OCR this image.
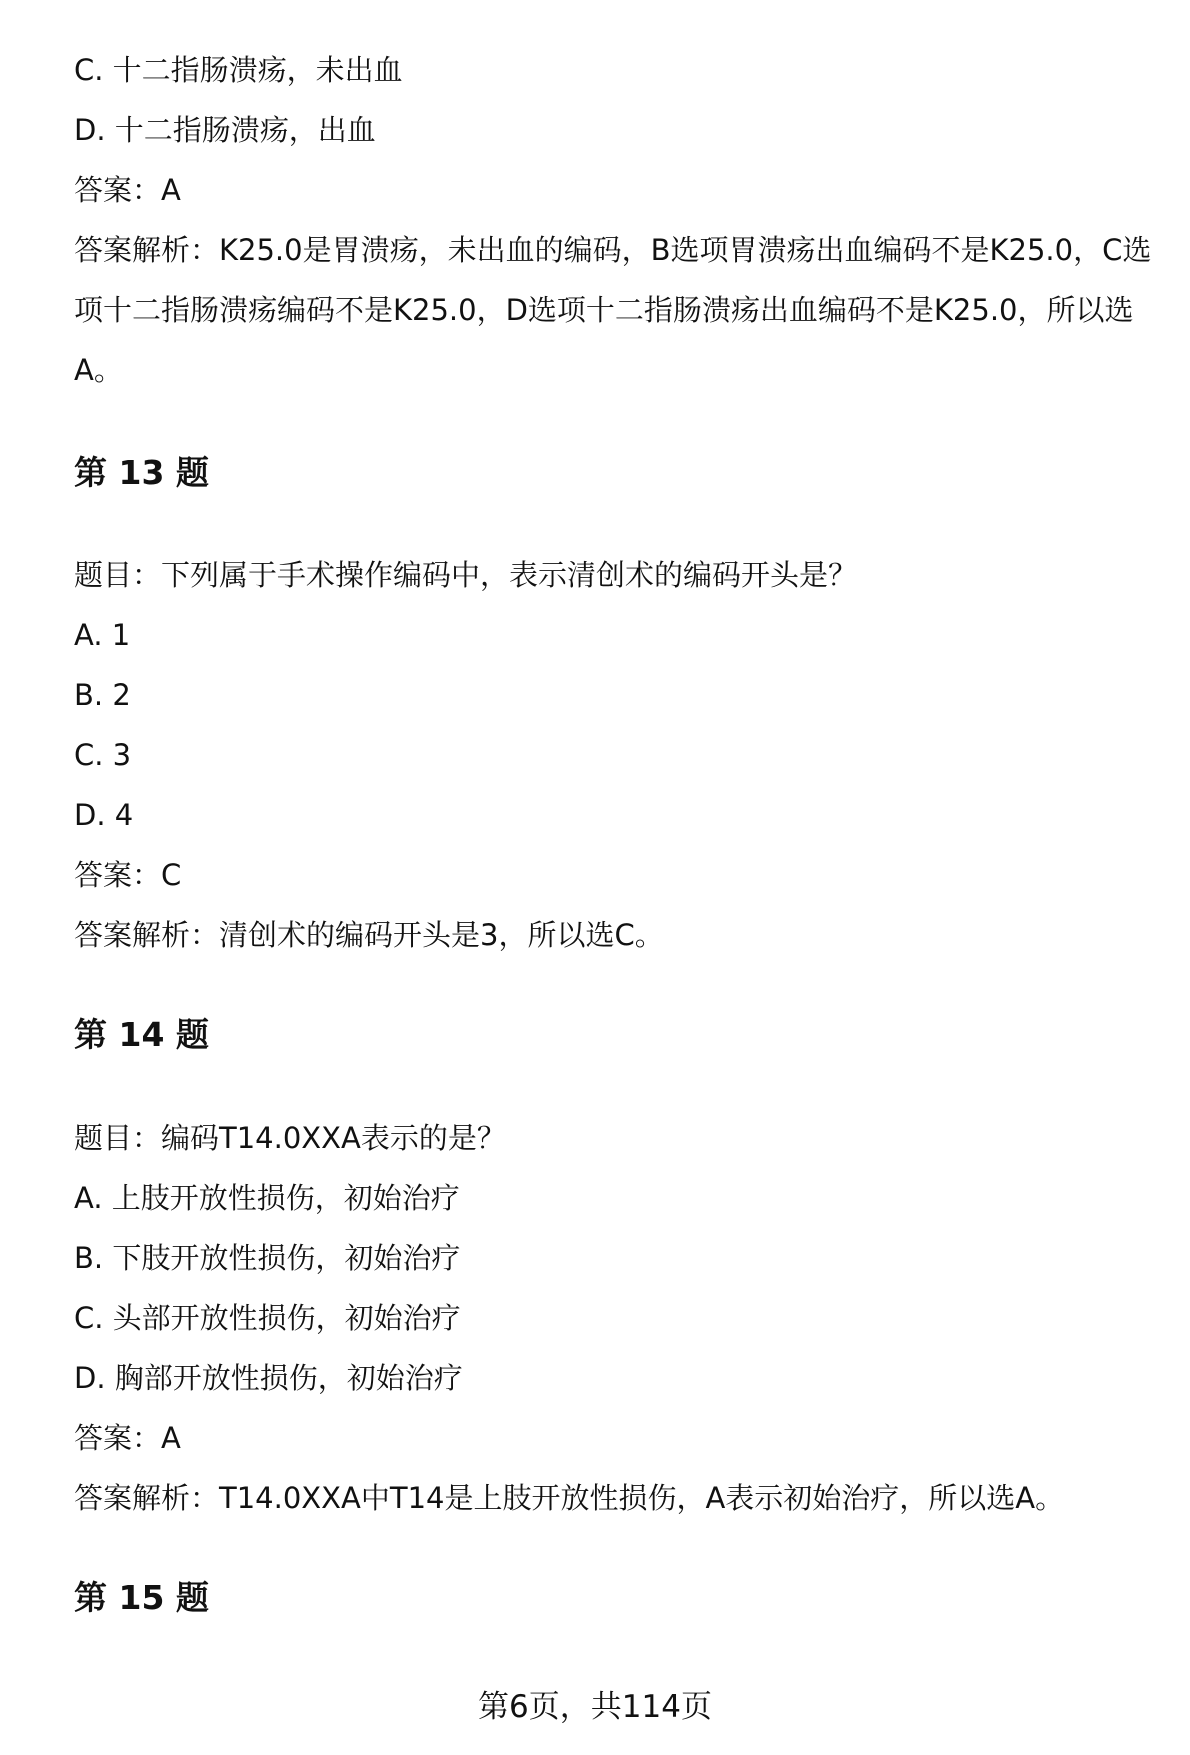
C. 十二指肠溃疡，未出血
D. 十二指肠溃疡，出血
答案：A
答案解析：K25.0是胃溃疡，未出血的编码，B选项胃溃疡出血编码不是K25.0，C选项十二指肠溃疡编码不是K25.0，D选项十二指肠溃疡出血编码不是K25.0，所以选A。
第 13 题
题目：下列属于手术操作编码中，表示清创术的编码开头是？
A. 1
B. 2
C. 3
D. 4
答案：C
答案解析：清创术的编码开头是3，所以选C。
第 14 题
题目：编码T14.0XXA表示的是？
A. 上肢开放性损伤，初始治疗
B. 下肢开放性损伤，初始治疗
C. 头部开放性损伤，初始治疗
D. 胸部开放性损伤，初始治疗
答案：A
答案解析：T14.0XXA中T14是上肢开放性损伤，A表示初始治疗，所以选A。
第 15 题
第6页，共114页
